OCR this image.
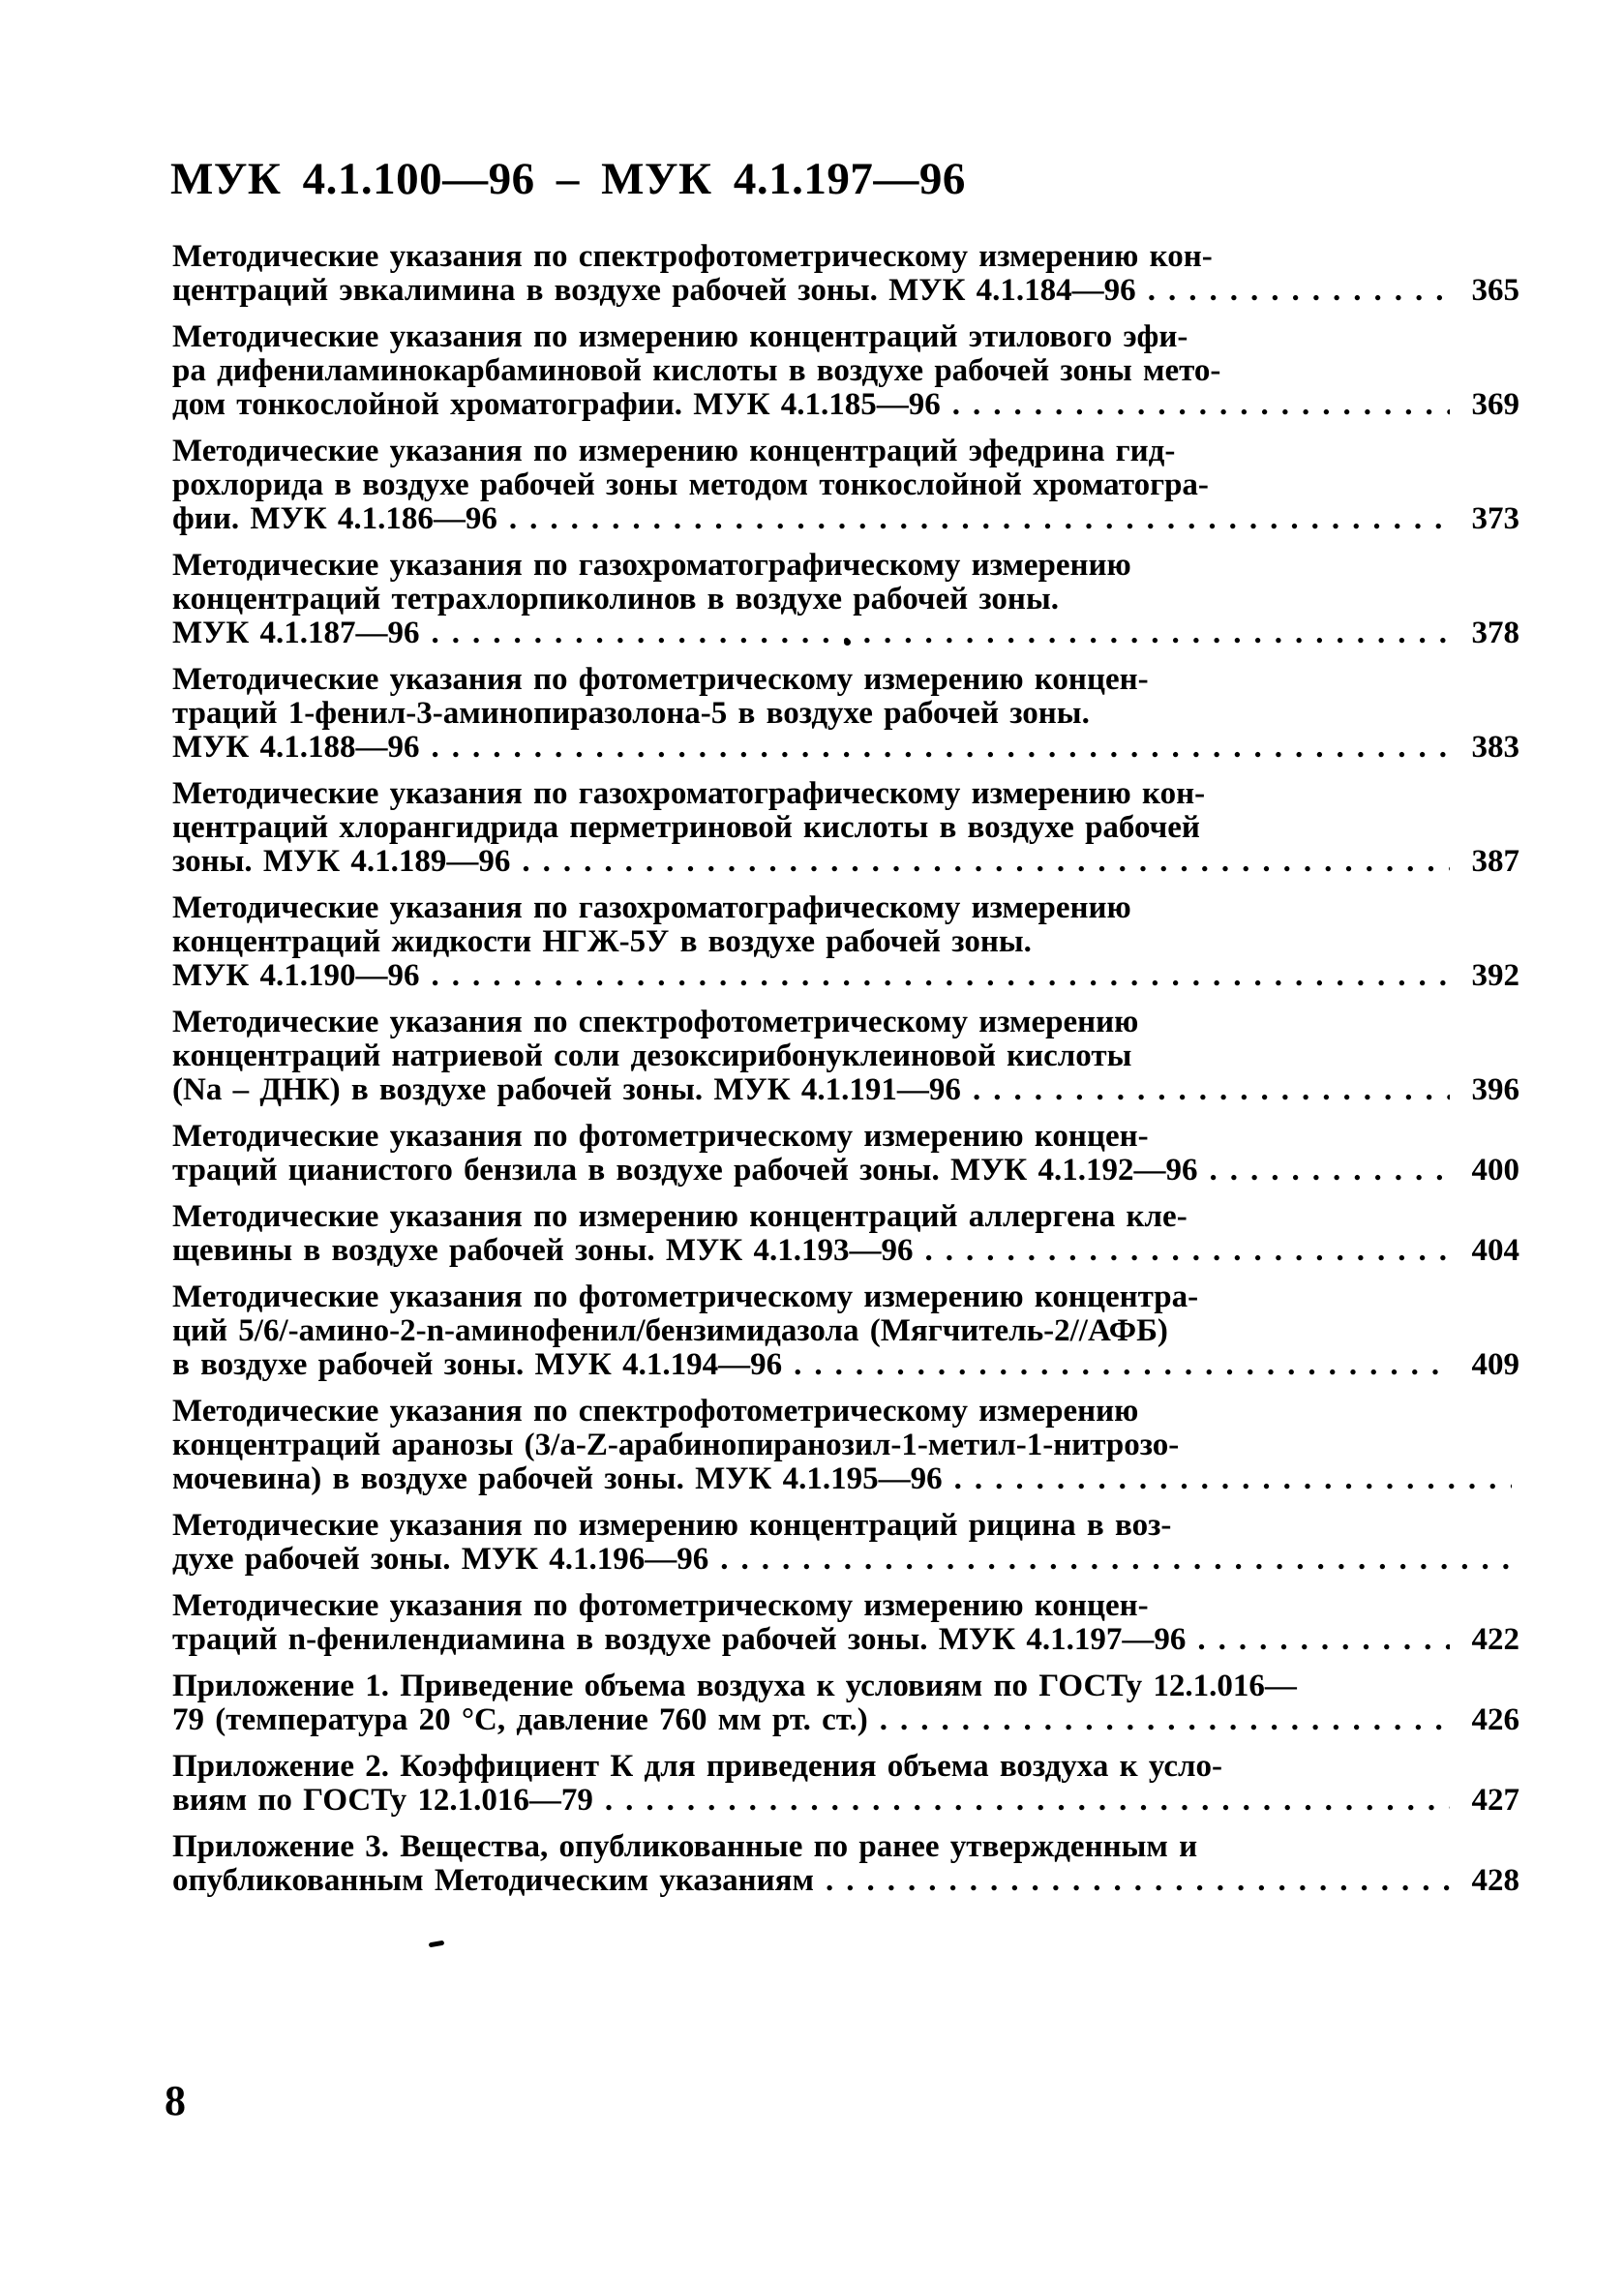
МУК 4.1.100—96 – МУК 4.1.197—96
Методические указания по спектрофотометрическому измерению кон-
центраций эвкалимина в воздухе рабочей зоны. МУК 4.1.184—96 .....	365
Методические указания по измерению концентраций этилового эфи-
ра дифениламинокарбаминовой кислоты в воздухе рабочей зоны мето-
дом тонкослойной хроматографии. МУК 4.1.185—96 .....	369
Методические указания по измерению концентраций эфедрина гид-
рохлорида в воздухе рабочей зоны методом тонкослойной хроматогра-
фии. МУК 4.1.186—96 .....	373
Методические указания по газохроматографическому измерению
концентраций тетрахлорпиколинов в воздухе рабочей зоны.
МУК 4.1.187—96 .....	378
Методические указания по фотометрическому измерению концен-
траций 1-фенил-3-аминопиразолона-5 в воздухе рабочей зоны.
МУК 4.1.188—96 .....	383
Методические указания по газохроматографическому измерению кон-
центраций хлорангидрида перметриновой кислоты в воздухе рабочей
зоны. МУК 4.1.189—96 .....	387
Методические указания по газохроматографическому измерению
концентраций жидкости НГЖ-5У в воздухе рабочей зоны.
МУК 4.1.190—96 .....	392
Методические указания по спектрофотометрическому измерению
концентраций натриевой соли дезоксирибонуклеиновой кислоты
(Na – ДНК) в воздухе рабочей зоны. МУК 4.1.191—96 .....	396
Методические указания по фотометрическому измерению концен-
траций цианистого бензила в воздухе рабочей зоны. МУК 4.1.192—96 .....	400
Методические указания по измерению концентраций аллергена кле-
щевины в воздухе рабочей зоны. МУК 4.1.193—96 .....	404
Методические указания по фотометрическому измерению концентра-
ций 5/6/-амино-2-n-аминофенил/бензимидазола (Мягчитель-2//АФБ)
в воздухе рабочей зоны. МУК 4.1.194—96 .....	409
Методические указания по спектрофотометрическому измерению
концентраций аранозы (3/а-Z-арабинопиранозил-1-метил-1-нитрозо-
мочевина) в воздухе рабочей зоны. МУК 4.1.195—96
.....
Методические указания по измерению концентраций рицина в воз-
духе рабочей зоны. МУК 4.1.196—96
.....
Методические указания по фотометрическому измерению концен-
траций n-фенилендиамина в воздухе рабочей зоны. МУК 4.1.197—96 .....	422
Приложение 1. Приведение объема воздуха к условиям по ГОСТу 12.1.016—
79 (температура 20 °С, давление 760 мм рт. ст.) .....	426
Приложение 2. Коэффициент К для приведения объема воздуха к усло-
виям по ГОСТу 12.1.016—79 .....	427
Приложение 3. Вещества, опубликованные по ранее утвержденным и
опубликованным Методическим указаниям .....	428
8
